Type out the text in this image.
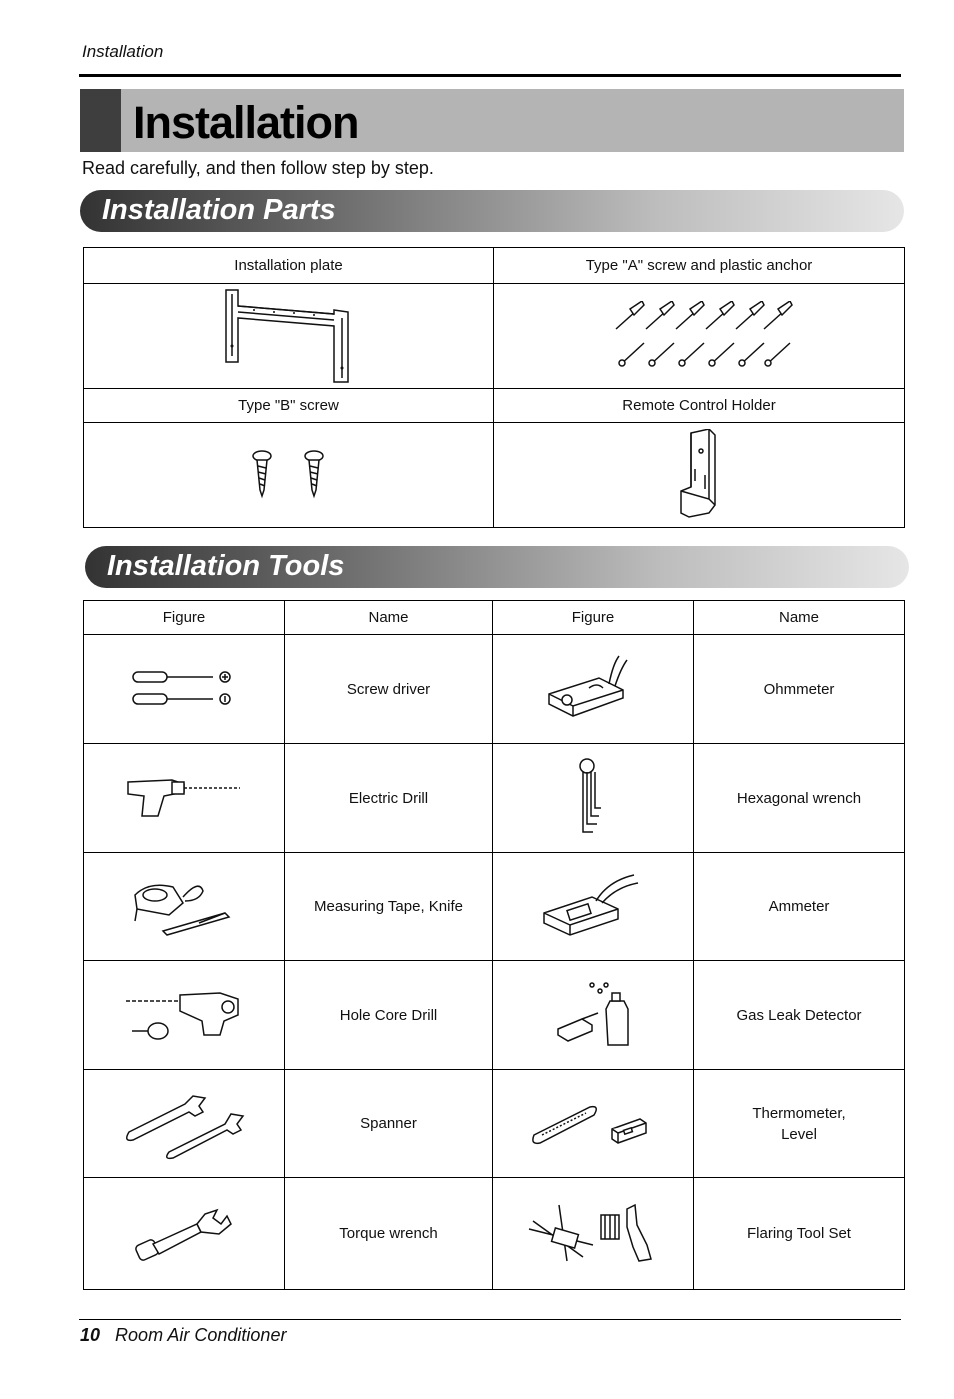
Installation
Installation
Read carefully, and then follow step by step.
Installation Parts
Installation plate	Type "A" screw and plastic anchor

Type "B" screw	Remote Control Holder

Installation Tools
Figure	Name	Figure	Name

	Screw driver		Ohmmeter

	Electric Drill		Hexagonal wrench

	Measuring Tape, Knife		Ammeter

	Hole Core Drill		Gas Leak Detector

	Spanner		Thermometer,
Level

	Torque wrench		Flaring Tool Set
10 Room Air Conditioner
